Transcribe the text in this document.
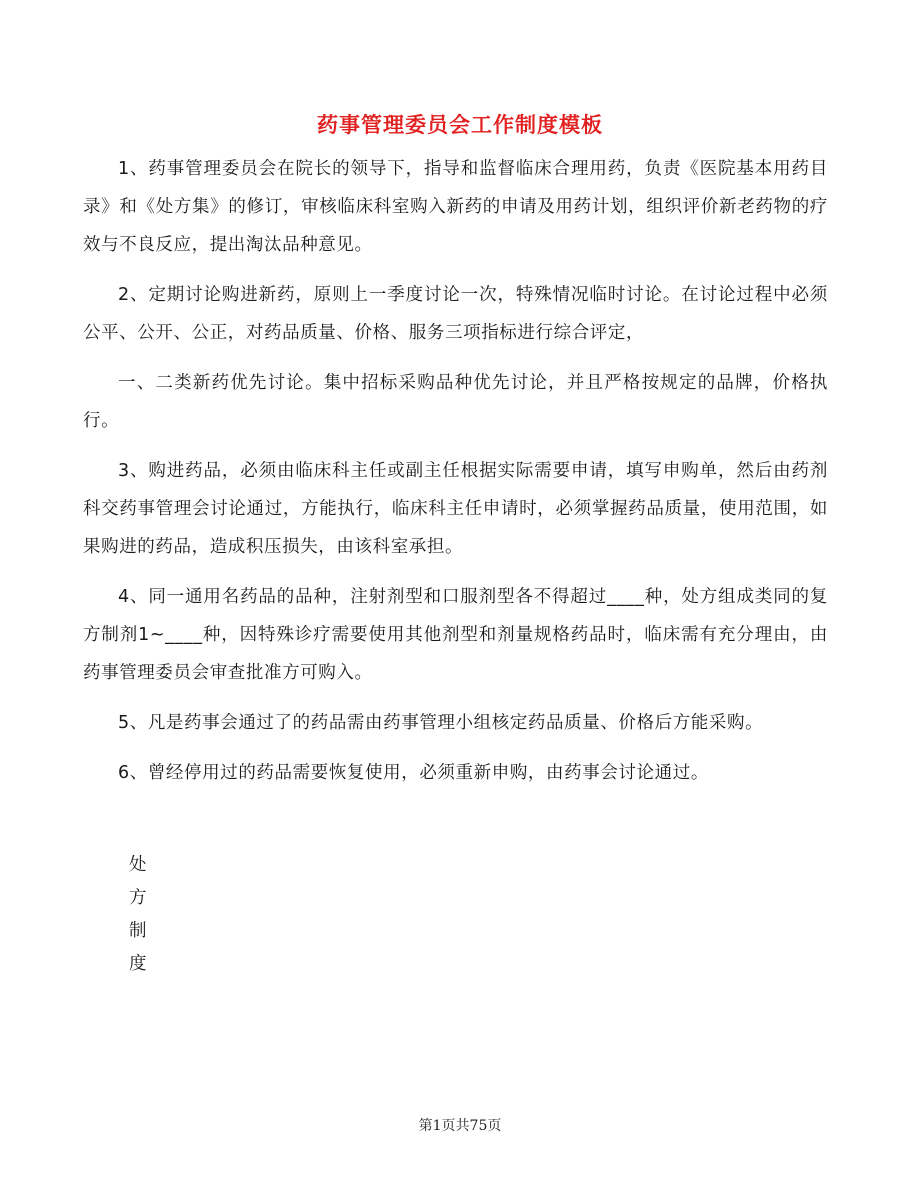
药事管理委员会工作制度模板

1、药事管理委员会在院长的领导下，指导和监督临床合理用药，负责《医院基本用药目录》和《处方集》的修订，审核临床科室购入新药的申请及用药计划，组织评价新老药物的疗效与不良反应，提出淘汰品种意见。

2、定期讨论购进新药，原则上一季度讨论一次，特殊情况临时讨论。在讨论过程中必须公平、公开、公正，对药品质量、价格、服务三项指标进行综合评定，

一、二类新药优先讨论。集中招标采购品种优先讨论，并且严格按规定的品牌，价格执行。

3、购进药品，必须由临床科主任或副主任根据实际需要申请，填写申购单，然后由药剂科交药事管理会讨论通过，方能执行，临床科主任申请时，必须掌握药品质量，使用范围，如果购进的药品，造成积压损失，由该科室承担。

4、同一通用名药品的品种，注射剂型和口服剂型各不得超过____种，处方组成类同的复方制剂1~____种，因特殊诊疗需要使用其他剂型和剂量规格药品时，临床需有充分理由，由药事管理委员会审查批准方可购入。

5、凡是药事会通过了的药品需由药事管理小组核定药品质量、价格后方能采购。

6、曾经停用过的药品需要恢复使用，必须重新申购，由药事会讨论通过。

处
方
制
度
第1页共75页
